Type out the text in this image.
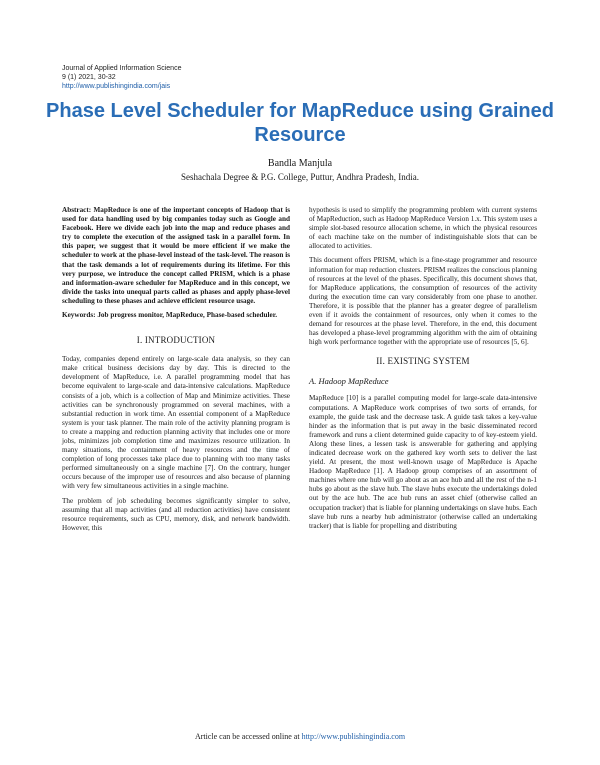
Journal of Applied Information Science
9 (1) 2021, 30-32
http://www.publishingindia.com/jais
Phase Level Scheduler for MapReduce using Grained Resource
Bandla Manjula
Seshachala Degree & P.G. College, Puttur, Andhra Pradesh, India.

Abstract: MapReduce is one of the important concepts of Hadoop that is used for data handling used by big companies today such as Google and Facebook. Here we divide each job into the map and reduce phases and try to complete the execution of the assigned task in a parallel form. In this paper, we suggest that it would be more efficient if we make the scheduler to work at the phase-level instead of the task-level. The reason is that the task demands a lot of requirements during its lifetime. For this very purpose, we introduce the concept called PRISM, which is a phase and information-aware scheduler for MapReduce and in this concept, we divide the tasks into unequal parts called as phases and apply phase-level scheduling to these phases and achieve efficient resource usage.

Keywords: Job progress monitor, MapReduce, Phase-based scheduler.

I. INTRODUCTION

Today, companies depend entirely on large-scale data analysis, so they can make critical business decisions day by day. This is directed to the development of MapReduce, i.e. A parallel programming model that has become equivalent to large-scale and data-intensive calculations. MapReduce consists of a job, which is a collection of Map and Minimize activities. These activities can be synchronously programmed on several machines, with a substantial reduction in work time. An essential component of a MapReduce system is your task planner. The main role of the activity planning program is to create a mapping and reduction planning activity that includes one or more jobs, minimizes job completion time and maximizes resource utilization. In many situations, the containment of heavy resources and the time of completion of long processes take place due to planning with too many tasks performed simultaneously on a single machine [7]. On the contrary, hunger occurs because of the improper use of resources and also because of planning with very few simultaneous activities in a single machine.

The problem of job scheduling becomes significantly simpler to solve, assuming that all map activities (and all reduction activities) have consistent resource requirements, such as CPU, memory, disk, and network bandwidth. However, this

hypothesis is used to simplify the programming problem with current systems of MapReduction, such as Hadoop MapReduce Version 1.x. This system uses a simple slot-based resource allocation scheme, in which the physical resources of each machine take on the number of indistinguishable slots that can be allocated to activities.

This document offers PRISM, which is a fine-stage programmer and resource information for map reduction clusters. PRISM realizes the conscious planning of resources at the level of the phases. Specifically, this document shows that, for MapReduce applications, the consumption of resources of the activity during the execution time can vary considerably from one phase to another. Therefore, it is possible that the planner has a greater degree of parallelism even if it avoids the containment of resources, only when it comes to the demand for resources at the phase level. Therefore, in the end, this document has developed a phase-level programming algorithm with the aim of obtaining high work performance together with the appropriate use of resources [5, 6].

II. EXISTING SYSTEM
A. Hadoop MapReduce

MapReduce [10] is a parallel computing model for large-scale data-intensive computations. A MapReduce work comprises of two sorts of errands, for example, the guide task and the decrease task. A guide task takes a key-value hinder as the information that is put away in the basic disseminated record framework and runs a client determined guide capacity to of key-esteem yield. Along these lines, a lessen task is answerable for gathering and applying indicated decrease work on the gathered key worth sets to deliver the last yield. At present, the most well-known usage of MapReduce is Apache Hadoop MapReduce [1]. A Hadoop group comprises of an assortment of machines where one hub will go about as an ace hub and all the rest of the n-1 hubs go about as the slave hub. The slave hubs execute the undertakings doled out by the ace hub. The ace hub runs an asset chief (otherwise called an occupation tracker) that is liable for planning undertakings on slave hubs. Each slave hub runs a nearby hub administrator (otherwise called an undertaking tracker) that is liable for propelling and distributing

Article can be accessed online at http://www.publishingindia.com
